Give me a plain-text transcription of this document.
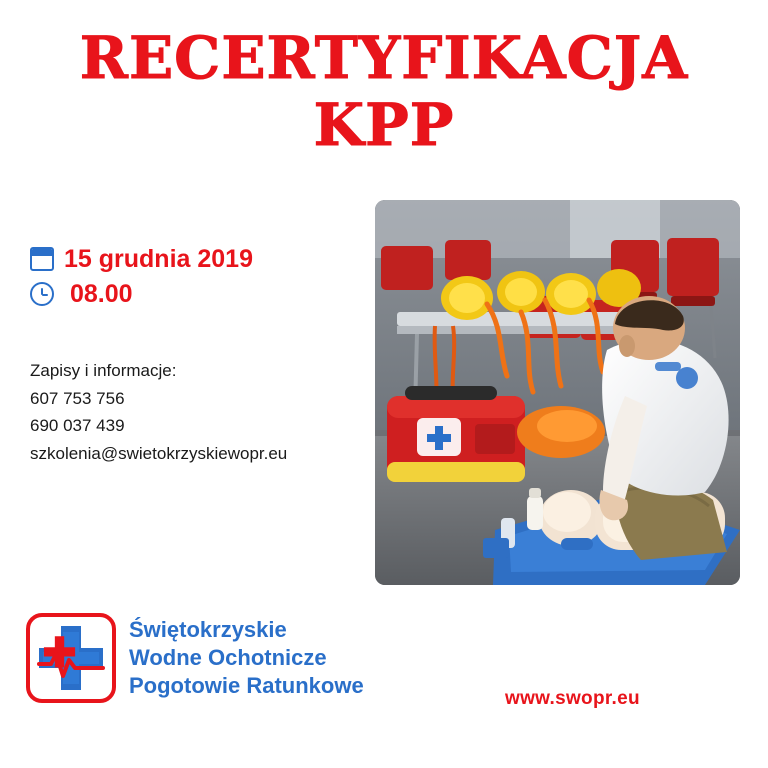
RECERTYFIKACJA
KPP
15 grudnia 2019
08.00
Zapisy i informacje:
607 753 756
690 037 439
szkolenia@swietokrzyskiewopr.eu
Świętokrzyskie
Wodne Ochotnicze
Pogotowie Ratunkowe
www.swopr.eu
